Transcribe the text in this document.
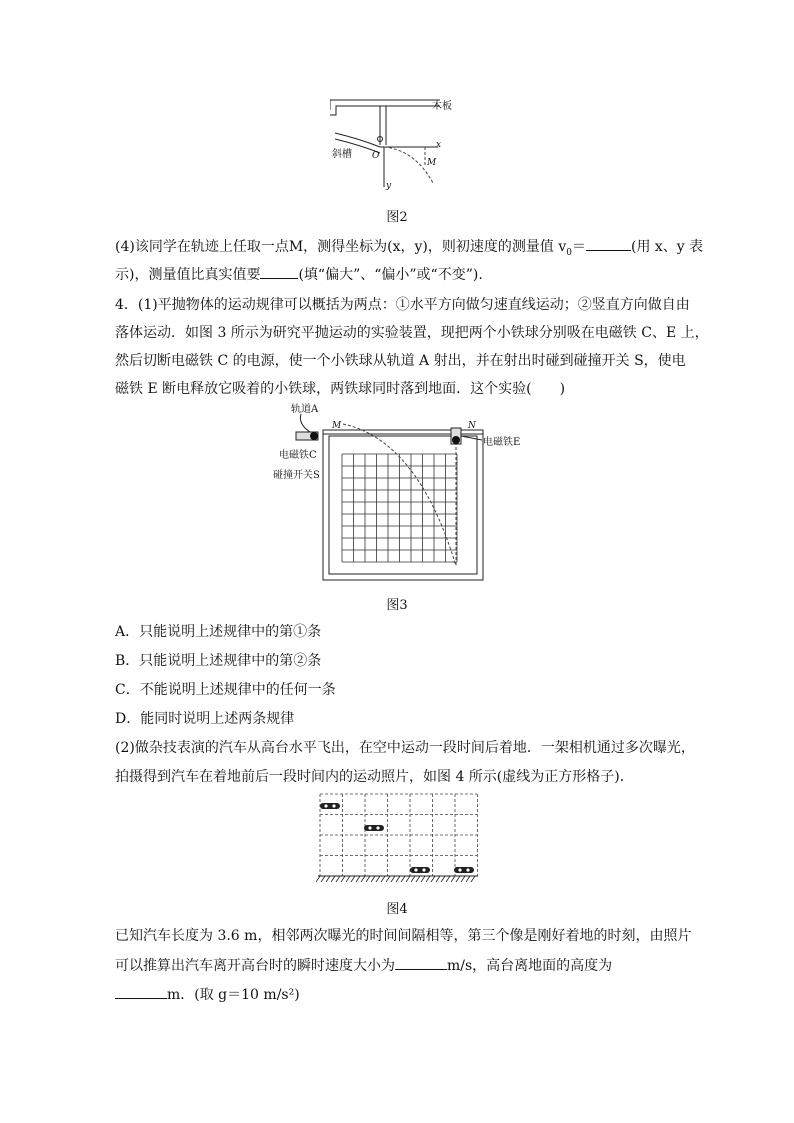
木板
斜槽
x
y
O
M
图2
(4)该同学在轨迹上任取一点M，测得坐标为(x，y)，则初速度的测量值 $v_0=$	(用 x、y 表
示)，测量值比真实值要	(填“偏大”、“偏小”或“不变”).
4．(1)平抛物体的运动规律可以概括为两点：①水平方向做匀速直线运动；②竖直方向做自由
落体运动．如图 3 所示为研究平抛运动的实验装置，现把两个小铁球分别吸在电磁铁 C、E 上，
然后切断电磁铁 C 的电源，使一个小铁球从轨道 A 射出，并在射出时碰到碰撞开关 S，使电
磁铁 E 断电释放它吸着的小铁球，两铁球同时落到地面．这个实验(　　)
轨道A
电磁铁C
碰撞开关S
M	N
电磁铁E
图3
A．只能说明上述规律中的第①条
B．只能说明上述规律中的第②条
C．不能说明上述规律中的任何一条
D．能同时说明上述两条规律
(2)做杂技表演的汽车从高台水平飞出，在空中运动一段时间后着地．一架相机通过多次曝光，
拍摄得到汽车在着地前后一段时间内的运动照片，如图 4 所示(虚线为正方形格子)．
图4
已知汽车长度为 3.6 m，相邻两次曝光的时间间隔相等，第三个像是刚好着地的时刻，由照片
可以推算出汽车离开高台时的瞬时速度大小为	m/s，高台离地面的高度为
m．(取 g＝10 m/s²)
